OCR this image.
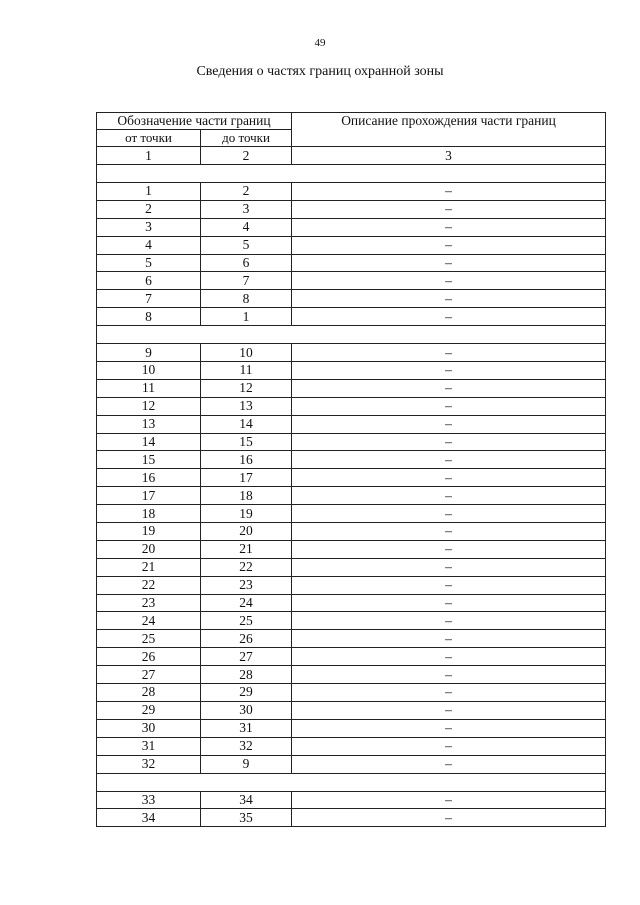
49
Сведения о частях границ охранной зоны
Обозначение части границ		Описание прохождения части границ
от точки	до точки	
1	2	3

1	2	–
2	3	–
3	4	–
4	5	–
5	6	–
6	7	–
7	8	–
8	1	–

9	10	–
10	11	–
11	12	–
12	13	–
13	14	–
14	15	–
15	16	–
16	17	–
17	18	–
18	19	–
19	20	–
20	21	–
21	22	–
22	23	–
23	24	–
24	25	–
25	26	–
26	27	–
27	28	–
28	29	–
29	30	–
30	31	–
31	32	–
32	9	–

33	34	–
34	35	–
